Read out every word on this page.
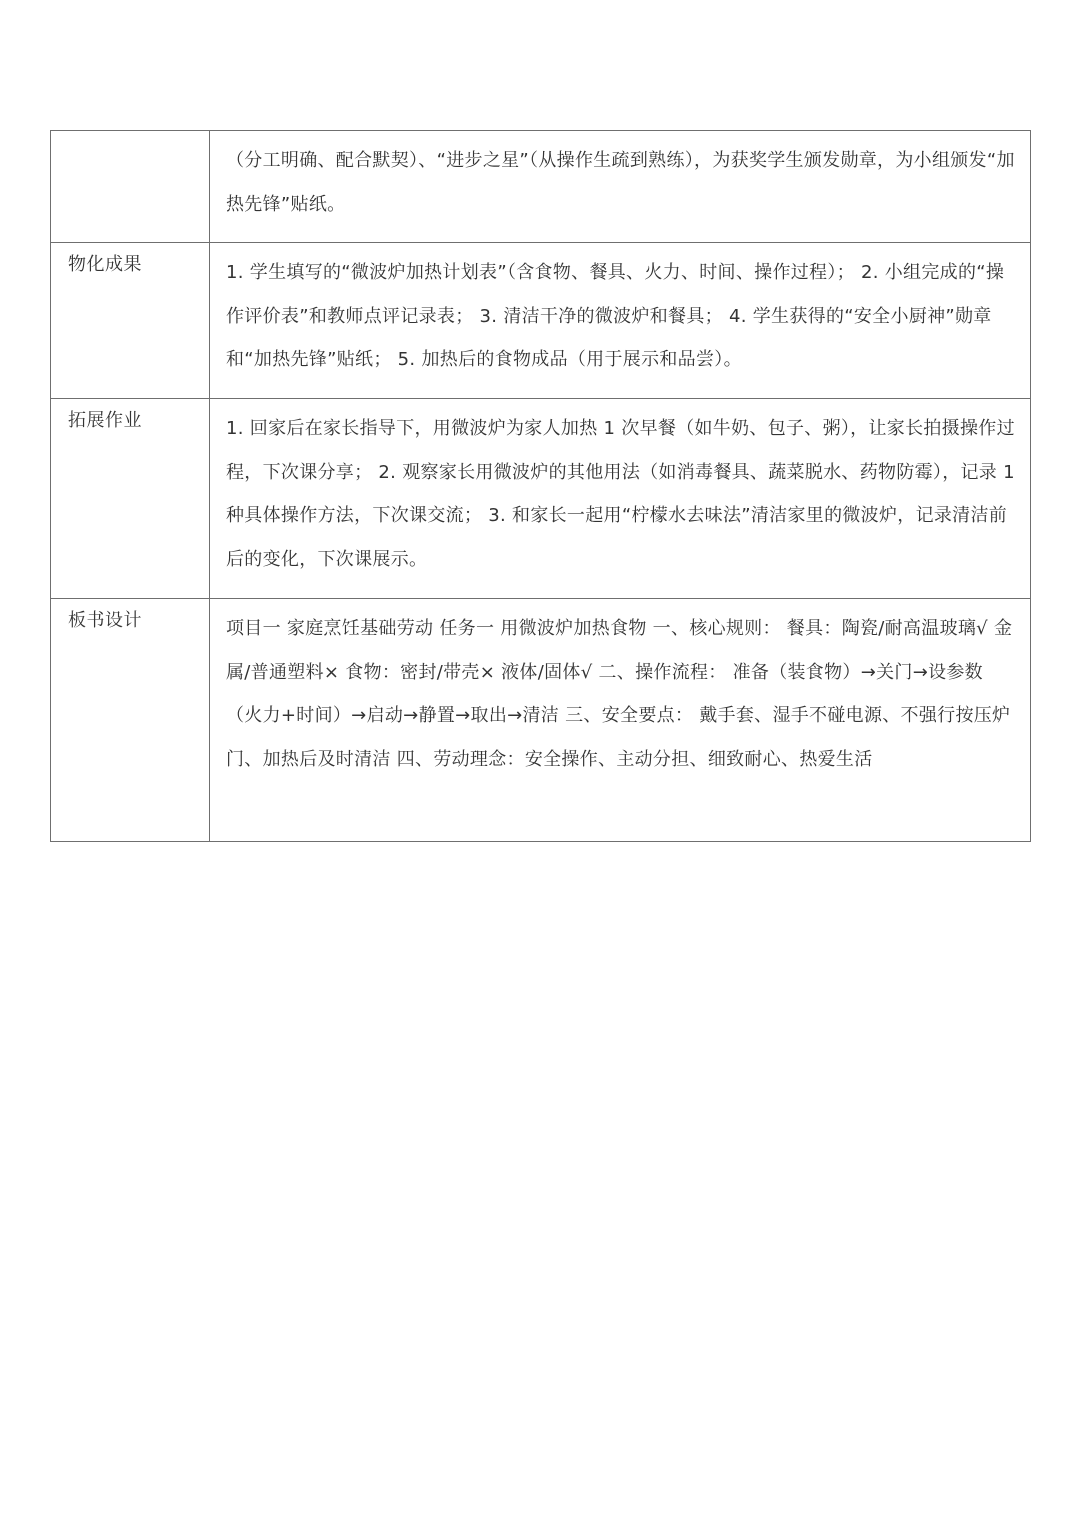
	（分工明确、配合默契）、“进步之星”（从操作生疏到熟练），为获奖学生颁发勋章，为小组颁发“加热先锋”贴纸。
物化成果	1. 学生填写的“微波炉加热计划表”（含食物、餐具、火力、时间、操作过程）； 2. 小组完成的“操作评价表”和教师点评记录表； 3. 清洁干净的微波炉和餐具； 4. 学生获得的“安全小厨神”勋章和“加热先锋”贴纸； 5. 加热后的食物成品（用于展示和品尝）。
拓展作业	1. 回家后在家长指导下，用微波炉为家人加热 1 次早餐（如牛奶、包子、粥），让家长拍摄操作过程，下次课分享； 2. 观察家长用微波炉的其他用法（如消毒餐具、蔬菜脱水、药物防霉），记录 1 种具体操作方法，下次课交流； 3. 和家长一起用“柠檬水去味法”清洁家里的微波炉，记录清洁前后的变化，下次课展示。
板书设计	项目一 家庭烹饪基础劳动 任务一 用微波炉加热食物 一、核心规则： 餐具：陶瓷/耐高温玻璃√ 金属/普通塑料× 食物：密封/带壳× 液体/固体√ 二、操作流程： 准备（装食物）→关门→设参数（火力+时间）→启动→静置→取出→清洁 三、安全要点： 戴手套、湿手不碰电源、不强行按压炉门、加热后及时清洁 四、劳动理念：安全操作、主动分担、细致耐心、热爱生活
